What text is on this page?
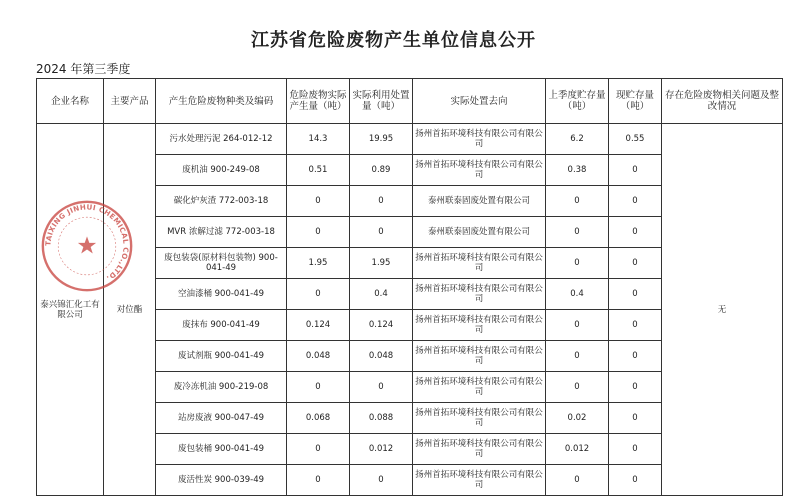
江苏省危险废物产生单位信息公开
2024 年第三季度
企业名称	主要产品	产生危险废物种类及编码	危险废物实际产生量（吨）	实际利用处置量（吨）	实际处置去向	上季度贮存量（吨）	现贮存量（吨）	存在危险废物相关问题及整改情况
泰兴锦汇化工有限公司	对位酯	污水处理污泥 264-012-12	14.3	19.95	扬州首拓环境科技有限公司有限公司	6.2	0.55	无
		废机油 900-249-08	0.51	0.89	扬州首拓环境科技有限公司有限公司	0.38	0	
		碳化炉灰渣 772-003-18	0	0	泰州联泰固废处置有限公司	0	0	
		MVR 浓解过滤 772-003-18	0	0	泰州联泰固废处置有限公司	0	0	
		废包装袋(原材料包装物) 900-041-49	1.95	1.95	扬州首拓环境科技有限公司有限公司	0	0	
		空油漆桶 900-041-49	0	0.4	扬州首拓环境科技有限公司有限公司	0.4	0	
		废抹布 900-041-49	0.124	0.124	扬州首拓环境科技有限公司有限公司	0	0	
		废试剂瓶 900-041-49	0.048	0.048	扬州首拓环境科技有限公司有限公司	0	0	
		废冷冻机油 900-219-08	0	0	扬州首拓环境科技有限公司有限公司	0	0	
		站房废液 900-047-49	0.068	0.088	扬州首拓环境科技有限公司有限公司	0.02	0	
		废包装桶 900-041-49	0	0.012	扬州首拓环境科技有限公司有限公司	0.012	0	
		废活性炭 900-039-49	0	0	扬州首拓环境科技有限公司有限公司	0	0	
TAIXING JINHUI CHEMICAL CO.,LTD.
